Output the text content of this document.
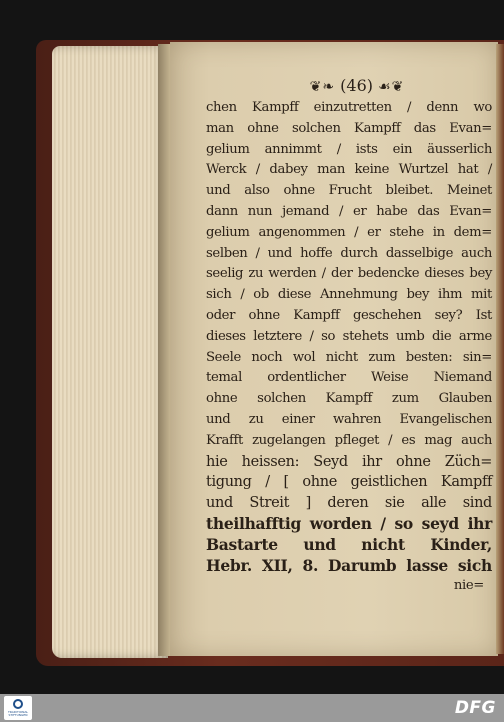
❦❧ (46) ☙❦
chen Kampff einzutretten / denn wo
man ohne solchen Kampff das Evan=
gelium annimmt / ists ein äusserlich
Werck / dabey man keine Wurtzel hat /
und also ohne Frucht bleibet. Meinet
dann nun jemand / er habe das Evan=
gelium angenommen / er stehe in dem=
selben / und hoffe durch dasselbige auch
seelig zu werden / der bedencke dieses bey
sich / ob diese Annehmung bey ihm mit
oder ohne Kampff geschehen sey? Ist
dieses letztere / so stehets umb die arme
Seele noch wol nicht zum besten: sin=
temal ordentlicher Weise Niemand
ohne solchen Kampff zum Glauben
und zu einer wahren Evangelischen
Krafft zugelangen pfleget / es mag auch
hie heissen: Seyd ihr ohne Züch=
tigung / [ ohne geistlichen Kampff
und Streit ] deren sie alle sind
theilhafftig worden / so seyd ihr
Bastarte und nicht Kinder,
Hebr. XII, 8. Darumb lasse sich
nie=
TRADITIONAL STIFTUNGEN	DFG
